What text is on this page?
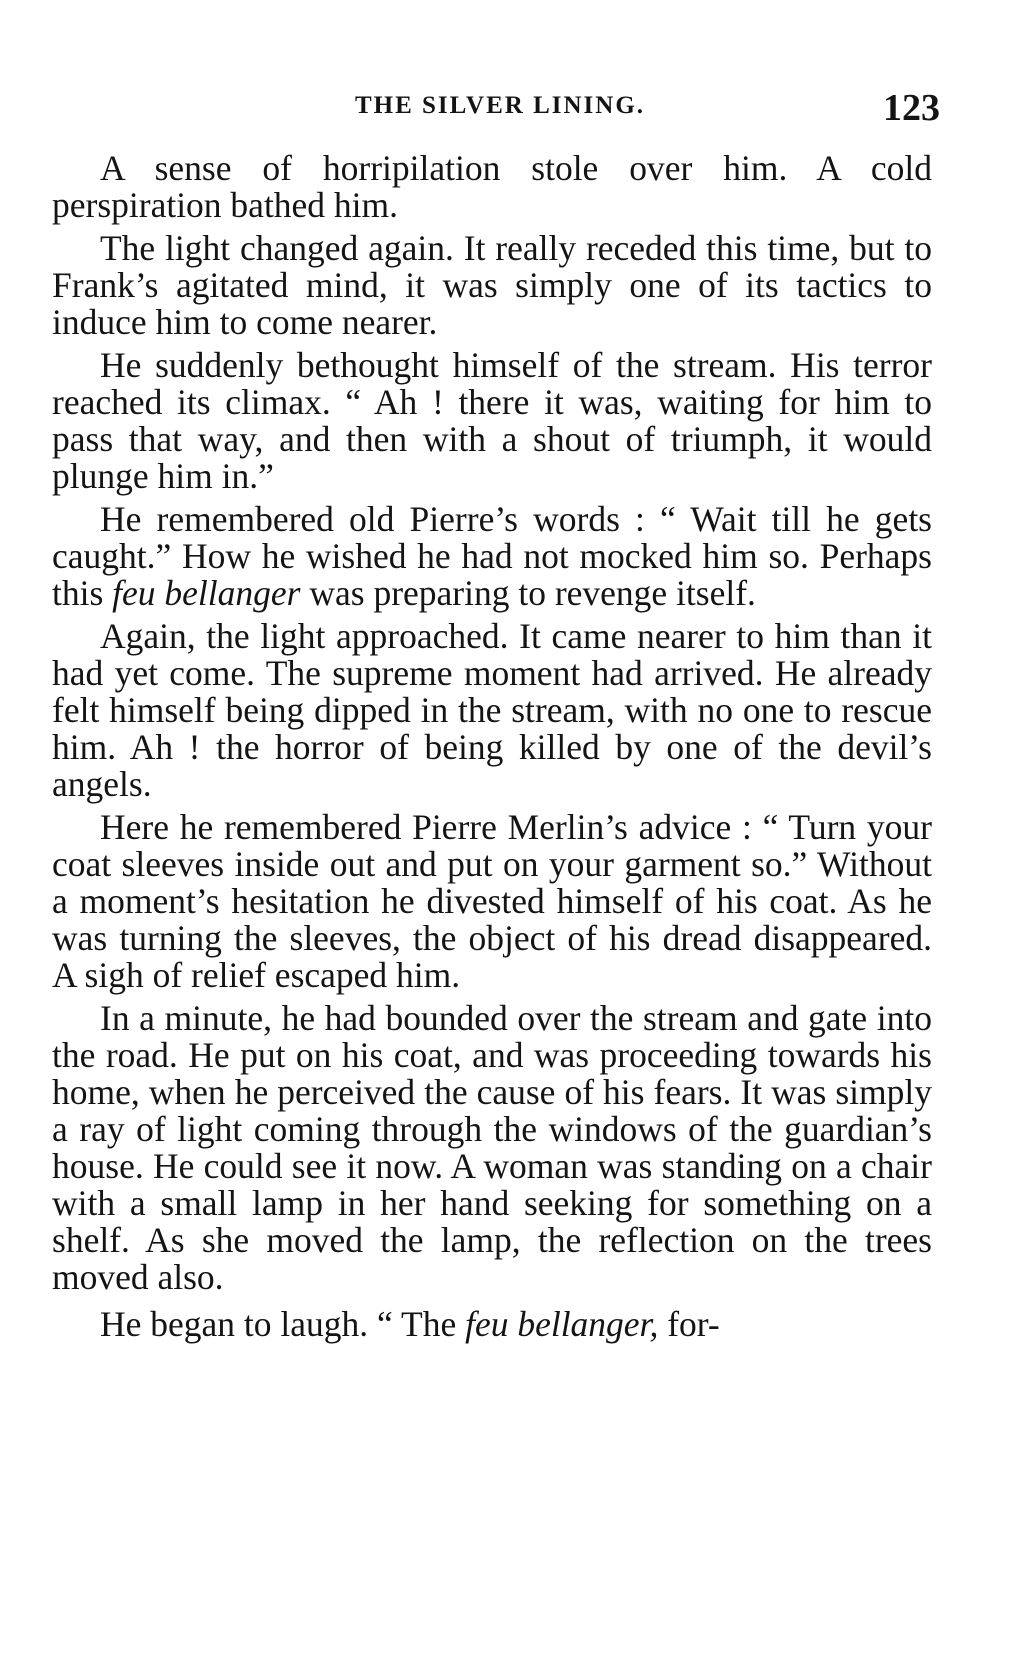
THE SILVER LINING.	123

A sense of horripilation stole over him. A cold perspiration bathed him.

The light changed again. It really receded this time, but to Frank’s agitated mind, it was simply one of its tactics to induce him to come nearer.

He suddenly bethought himself of the stream. His terror reached its climax. “ Ah ! there it was, waiting for him to pass that way, and then with a shout of triumph, it would plunge him in.”

He remembered old Pierre’s words : “ Wait till he gets caught.” How he wished he had not mocked him so. Perhaps this feu bellanger was preparing to revenge itself.

Again, the light approached. It came nearer to him than it had yet come. The supreme moment had arrived. He already felt himself being dipped in the stream, with no one to rescue him. Ah ! the horror of being killed by one of the devil’s angels.

Here he remembered Pierre Merlin’s advice : “ Turn your coat sleeves inside out and put on your garment so.” Without a moment’s hesitation he divested himself of his coat. As he was turning the sleeves, the object of his dread disappeared. A sigh of relief escaped him.

In a minute, he had bounded over the stream and gate into the road. He put on his coat, and was proceeding towards his home, when he perceived the cause of his fears. It was simply a ray of light coming through the windows of the guardian’s house. He could see it now. A woman was standing on a chair with a small lamp in her hand seeking for something on a shelf. As she moved the lamp, the reflection on the trees moved also.

He began to laugh. “ The feu bellanger, for-
